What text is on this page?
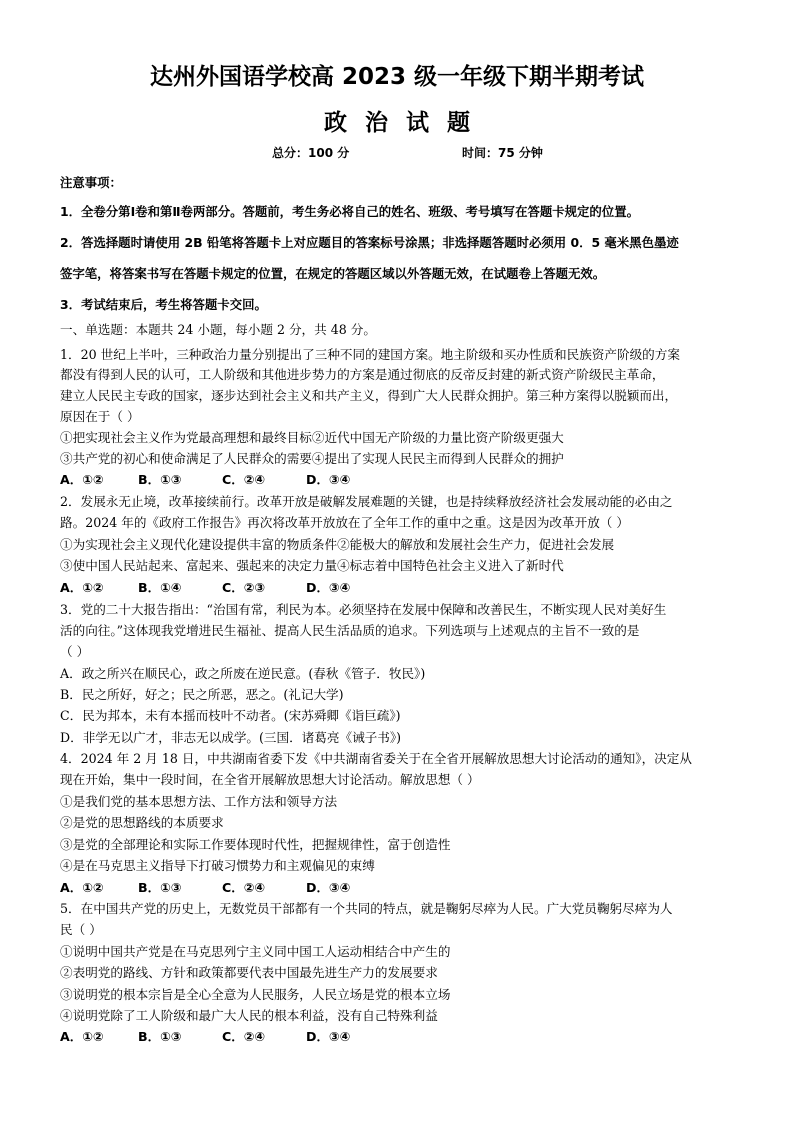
达州外国语学校高 2023 级一年级下期半期考试
政治试题
总分：100 分	时间：75 分钟
注意事项：
1．全卷分第Ⅰ卷和第Ⅱ卷两部分。答题前，考生务必将自己的姓名、班级、考号填写在答题卡规定的位置。
2．答选择题时请使用 2B 铅笔将答题卡上对应题目的答案标号涂黑；非选择题答题时必须用 0．5 毫米黑色墨迹
签字笔，将答案书写在答题卡规定的位置，在规定的答题区域以外答题无效，在试题卷上答题无效。
3．考试结束后，考生将答题卡交回。
一、单选题：本题共 24 小题，每小题 2 分，共 48 分。
1．20 世纪上半叶，三种政治力量分别提出了三种不同的建国方案。地主阶级和买办性质和民族资产阶级的方案
都没有得到人民的认可，工人阶级和其他进步势力的方案是通过彻底的反帝反封建的新式资产阶级民主革命，
建立人民民主专政的国家，逐步达到社会主义和共产主义，得到广大人民群众拥护。第三种方案得以脱颖而出，
原因在于（ ）
①把实现社会主义作为党最高理想和最终目标②近代中国无产阶级的力量比资产阶级更强大
③共产党的初心和使命满足了人民群众的需要④提出了实现人民民主而得到人民群众的拥护
A．①②	B．①③	C．②④	D．③④
2．发展永无止境，改革接续前行。改革开放是破解发展难题的关键，也是持续释放经济社会发展动能的必由之
路。2024 年的《政府工作报告》再次将改革开放放在了全年工作的重中之重。这是因为改革开放（ ）
①为实现社会主义现代化建设提供丰富的物质条件②能极大的解放和发展社会生产力，促进社会发展
③使中国人民站起来、富起来、强起来的决定力量④标志着中国特色社会主义进入了新时代
A．①②	B．①④	C．②③	D．③④
3．党的二十大报告指出：“治国有常，利民为本。必须坚持在发展中保障和改善民生，不断实现人民对美好生
活的向往。”这体现我党增进民生福祉、提高人民生活品质的追求。下列选项与上述观点的主旨不一致的是
（ ）
A．政之所兴在顺民心，政之所废在逆民意。(春秋《管子．牧民》)
B．民之所好，好之；民之所恶，恶之。(礼记大学)
C．民为邦本，未有本摇而枝叶不动者。(宋苏舜卿《诣巨疏》)
D．非学无以广才，非志无以成学。(三国．诸葛亮《诫子书》)
4．2024 年 2 月 18 日，中共湖南省委下发《中共湖南省委关于在全省开展解放思想大讨论活动的通知》，决定从
现在开始，集中一段时间，在全省开展解放思想大讨论活动。解放思想（ ）
①是我们党的基本思想方法、工作方法和领导方法
②是党的思想路线的本质要求
③是党的全部理论和实际工作要体现时代性，把握规律性，富于创造性
④是在马克思主义指导下打破习惯势力和主观偏见的束缚
A．①②	B．①③	C．②④	D．③④
5．在中国共产党的历史上，无数党员干部都有一个共同的特点，就是鞠躬尽瘁为人民。广大党员鞠躬尽瘁为人
民（ ）
①说明中国共产党是在马克思列宁主义同中国工人运动相结合中产生的
②表明党的路线、方针和政策都要代表中国最先进生产力的发展要求
③说明党的根本宗旨是全心全意为人民服务，人民立场是党的根本立场
④说明党除了工人阶级和最广大人民的根本利益，没有自己特殊利益
A．①②	B．①③	C．②④	D．③④
